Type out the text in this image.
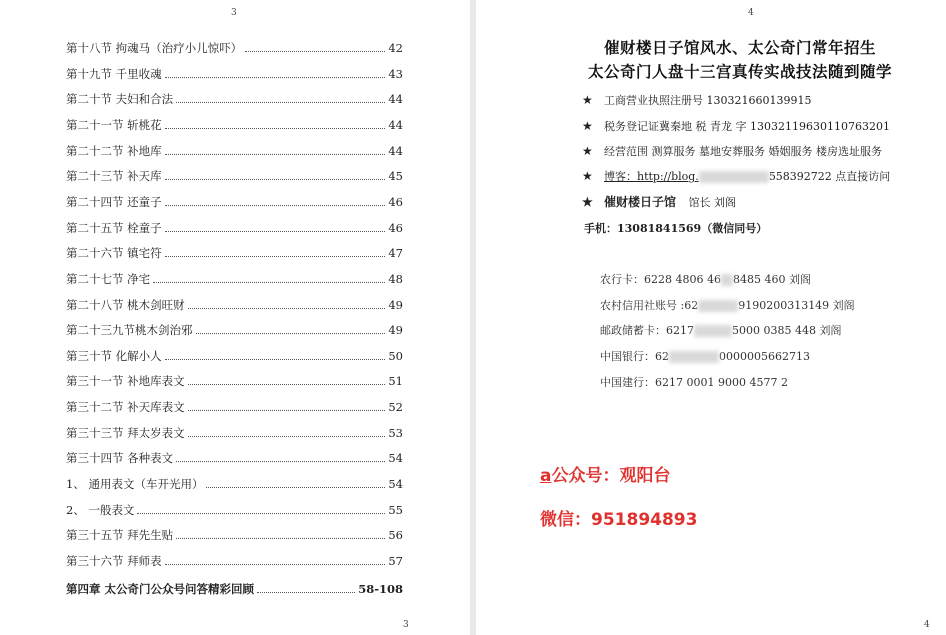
3
3
第十八节 拘魂马（治疗小儿惊吓）	42
第十九节 千里收魂	43
第二十节 夫妇和合法	44
第二十一节 斩桃花	44
第二十二节 补地库	44
第二十三节 补天库	45
第二十四节 还童子	46
第二十五节 栓童子	46
第二十六节 镇宅符	47
第二十七节 净宅	48
第二十八节 桃木剑旺财	49
第二十三九节桃木剑治邪	49
第三十节 化解小人	50
第三十一节 补地库表文	51
第三十二节 补天库表文	52
第三十三节 拜太岁表文	53
第三十四节 各种表文	54
1、 通用表文（车开光用）	54
2、 一般表文	55
第三十五节 拜先生贴	56
第三十六节 拜师表	57
第四章 太公奇门公众号问答精彩回顾	58-108
4
4
催财楼日子馆风水、太公奇门常年招生
太公奇门人盘十三宫真传实战技法随到随学
★ 工商营业执照注册号 130321660139915
★ 税务登记证冀秦地 税 青龙 字 130321196301107​63201
★ 经营范围 测算服务 墓地安葬服务 婚姻服务 楼房选址服务
★ 博客：http://blog.	558392722 点直接访问
★ 催财楼日子馆 馆长 刘阁
手机：13081841569（微信同号）
农行卡：6228 4806 46 8485 460 刘阁
农村信用社账号 :62	9190200313149 刘阁
邮政储蓄卡：6217	5000 0385 448 刘阁
中国银行：62	0000005662713
中国建行：6217 0001 9000 4577 2
a公众号：观阳台
微信：951894893
